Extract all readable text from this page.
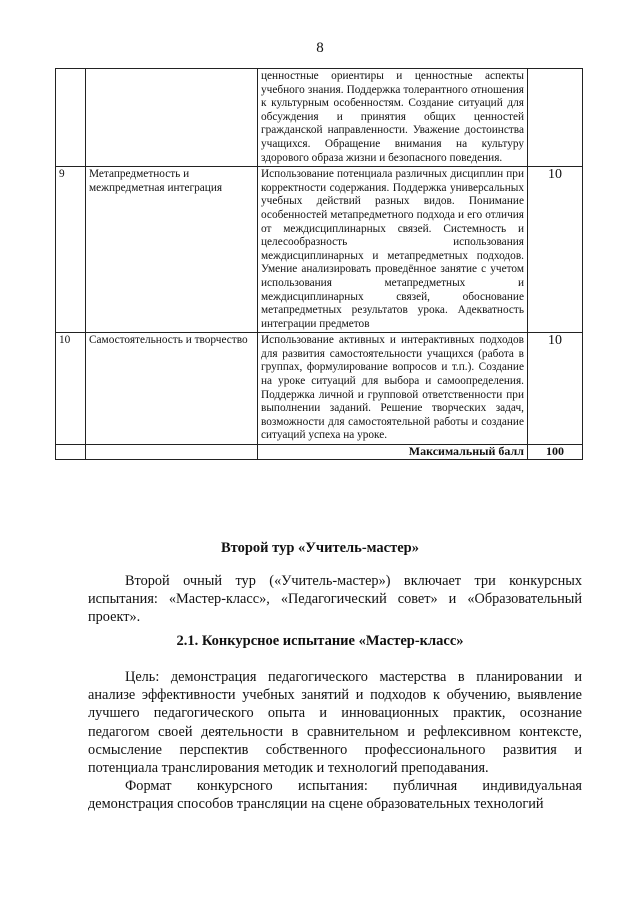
8
		ценностные ориентиры и ценностные аспекты учебного знания. Поддержка толерантного отношения к культурным особенностям. Создание ситуаций для обсуждения и принятия общих ценностей гражданской направленности. Уважение достоинства учащихся. Обращение внимания на культуру здорового образа жизни и безопасного поведения.	
9	Метапредметность и межпредметная интеграция	Использование потенциала различных дисциплин при корректности содержания. Поддержка универсальных учебных действий разных видов. Понимание особенностей метапредметного подхода и его отличия от междисциплинарных связей. Системность и целесообразность использования междисциплинарных и метапредметных подходов. Умение анализировать проведённое занятие с учетом использования метапредметных и междисциплинарных связей, обоснование метапредметных результатов урока. Адекватность интеграции предметов	10
10	Самостоятельность и творчество	Использование активных и интерактивных подходов для развития самостоятельности учащихся (работа в группах, формулирование вопросов и т.п.). Создание на уроке ситуаций для выбора и самоопределения. Поддержка личной и групповой ответственности при выполнении заданий. Решение творческих задач, возможности для самостоятельной работы и создание ситуаций успеха на уроке.	10
		Максимальный балл	100
Второй тур «Учитель-мастер»

Второй очный тур («Учитель-мастер») включает три конкурсных испытания: «Мастер-класс», «Педагогический совет» и «Образовательный проект».

2.1. Конкурсное испытание «Мастер-класс»

Цель: демонстрация педагогического мастерства в планировании и анализе эффективности учебных занятий и подходов к обучению, выявление лучшего педагогического опыта и инновационных практик, осознание педагогом своей деятельности в сравнительном и рефлексивном контексте, осмысление перспектив собственного профессионального развития и потенциала транслирования методик и технологий преподавания.

Формат конкурсного испытания: публичная индивидуальная демонстрация способов трансляции на сцене образовательных технологий
